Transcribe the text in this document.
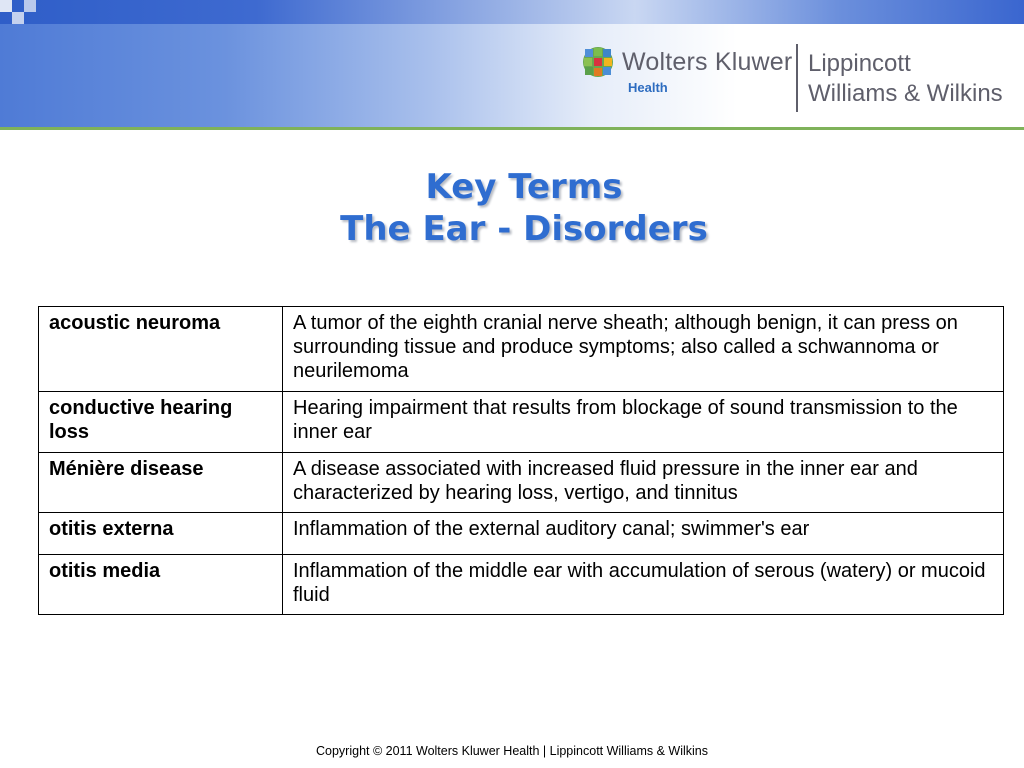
Wolters Kluwer
Health
Lippincott
Williams & Wilkins
Key Terms
The Ear - Disorders
acoustic neuroma	A tumor of the eighth cranial nerve sheath; although benign, it can press on surrounding tissue and produce symptoms; also called a schwannoma or neurilemoma
conductive hearing loss	Hearing impairment that results from blockage of sound transmission to the inner ear
Ménière disease	A disease associated with increased fluid pressure in the inner ear and characterized by hearing loss, vertigo, and tinnitus
otitis externa	Inflammation of the external auditory canal; swimmer's ear
otitis media	Inflammation of the middle ear with accumulation of serous (watery) or mucoid fluid
Copyright © 2011 Wolters Kluwer Health | Lippincott Williams & Wilkins
